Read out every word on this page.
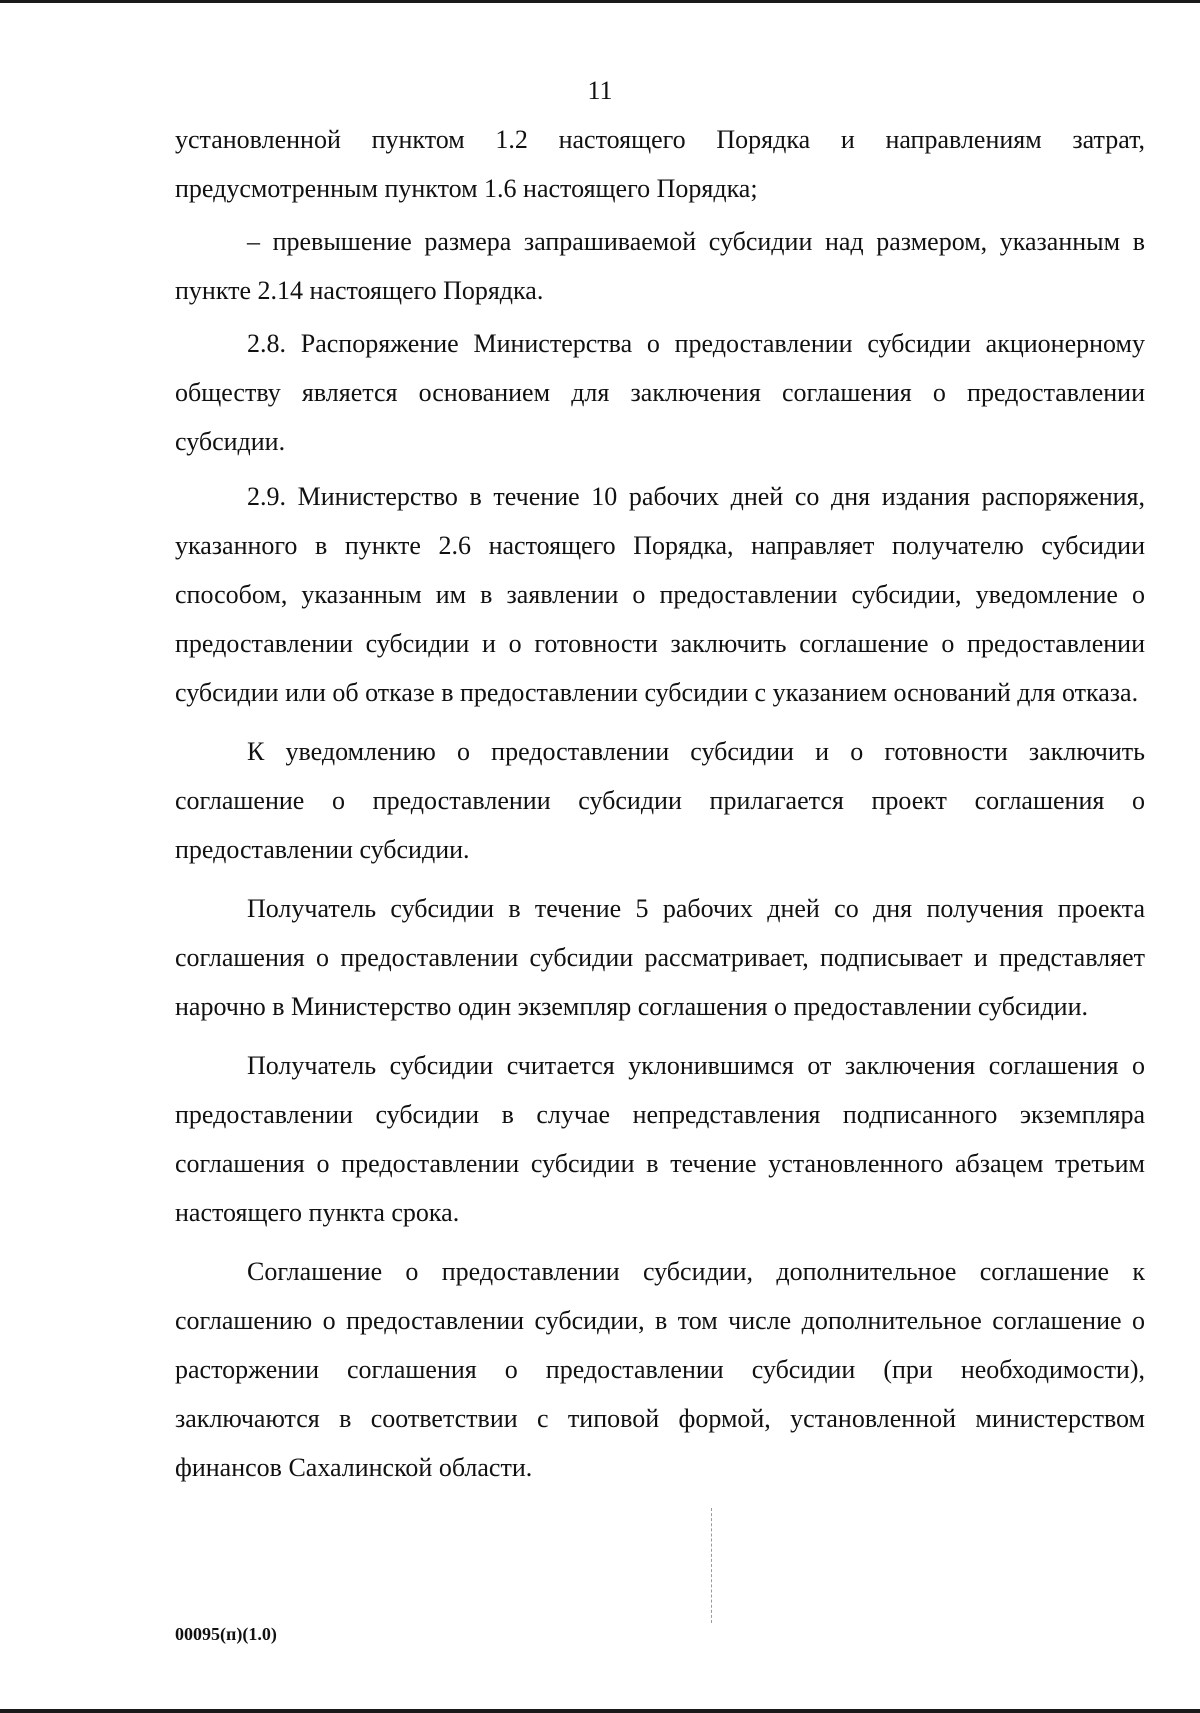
11

установленной пунктом 1.2 настоящего Порядка и направлениям затрат, предусмотренным пунктом 1.6 настоящего Порядка;

– превышение размера запрашиваемой субсидии над размером, указанным в пункте 2.14 настоящего Порядка.

2.8. Распоряжение Министерства о предоставлении субсидии акционерному обществу является основанием для заключения соглашения о предоставлении субсидии.

2.9. Министерство в течение 10 рабочих дней со дня издания распоряжения, указанного в пункте 2.6 настоящего Порядка, направляет получателю субсидии способом, указанным им в заявлении о предоставлении субсидии, уведомление о предоставлении субсидии и о готовности заключить соглашение о предоставлении субсидии или об отказе в предоставлении субсидии с указанием оснований для отказа.

К уведомлению о предоставлении субсидии и о готовности заключить соглашение о предоставлении субсидии прилагается проект соглашения о предоставлении субсидии.

Получатель субсидии в течение 5 рабочих дней со дня получения проекта соглашения о предоставлении субсидии рассматривает, подписывает и представляет нарочно в Министерство один экземпляр соглашения о предоставлении субсидии.

Получатель субсидии считается уклонившимся от заключения соглашения о предоставлении субсидии в случае непредставления подписанного экземпляра соглашения о предоставлении субсидии в течение установленного абзацем третьим настоящего пункта срока.

Соглашение о предоставлении субсидии, дополнительное соглашение к соглашению о предоставлении субсидии, в том числе дополнительное соглашение о расторжении соглашения о предоставлении субсидии (при необходимости), заключаются в соответствии с типовой формой, установленной министерством финансов Сахалинской области.

00095(п)(1.0)
